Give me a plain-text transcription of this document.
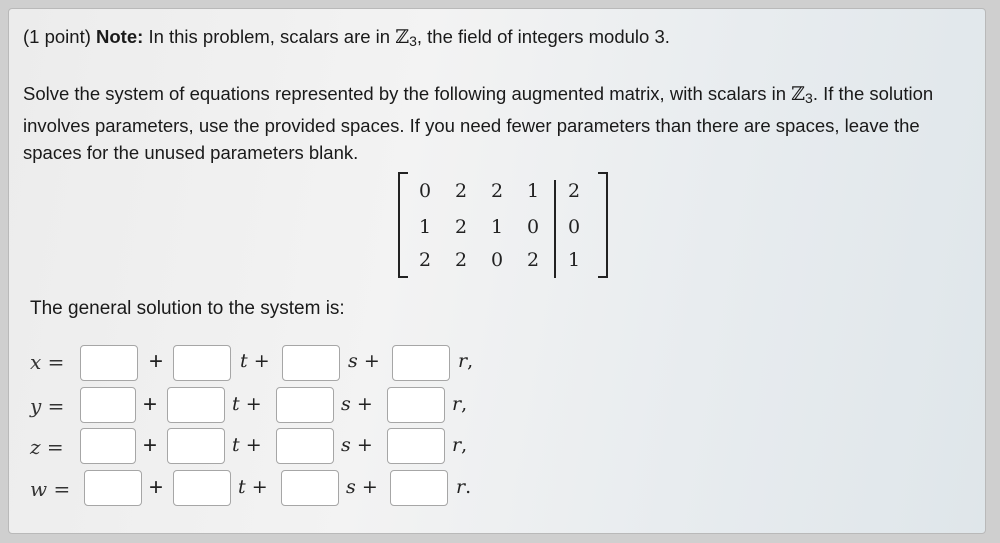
(1 point) Note: In this problem, scalars are in ℤ3, the field of integers modulo 3.
Solve the system of equations represented by the following augmented matrix, with scalars in ℤ3. If the solution involves parameters, use the provided spaces. If you need fewer parameters than there are spaces, leave the spaces for the unused parameters blank.
0	2	2	1	2
1	2	1	0	0
2	2	0	2	1
The general solution to the system is:
x =	+	t +	s +	r,
y =	+	t +	s +	r,
z =	+	t +	s +	r,
w =	+	t +	s +	r.
